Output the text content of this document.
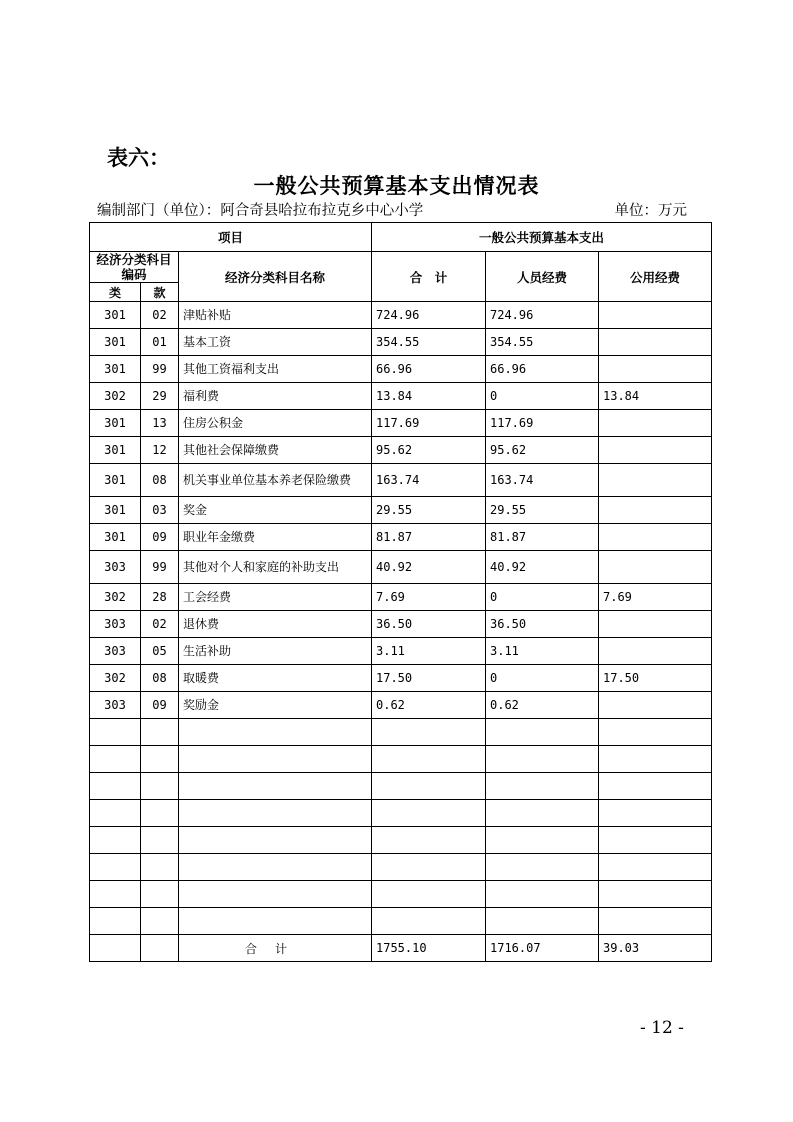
表六：
一般公共预算基本支出情况表
编制部门（单位）：阿合奇县哈拉布拉克乡中心小学	单位：万元
项目			一般公共预算基本支出		
经济分类科目编码		经济分类科目名称	合　计	人员经费	公用经费
类	款				
301	02	津贴补贴	724.96	724.96	
301	01	基本工资	354.55	354.55	
301	99	其他工资福利支出	66.96	66.96	
302	29	福利费	13.84	0	13.84
301	13	住房公积金	117.69	117.69	
301	12	其他社会保障缴费	95.62	95.62	
301	08	机关事业单位基本养老保险缴费	163.74	163.74	
301	03	奖金	29.55	29.55	
301	09	职业年金缴费	81.87	81.87	
303	99	其他对个人和家庭的补助支出	40.92	40.92	
302	28	工会经费	7.69	0	7.69
303	02	退休费	36.50	36.50	
303	05	生活补助	3.11	3.11	
302	08	取暖费	17.50	0	17.50
303	09	奖励金	0.62	0.62	

		合计	1755.10	1716.07	39.03
- 12 -
